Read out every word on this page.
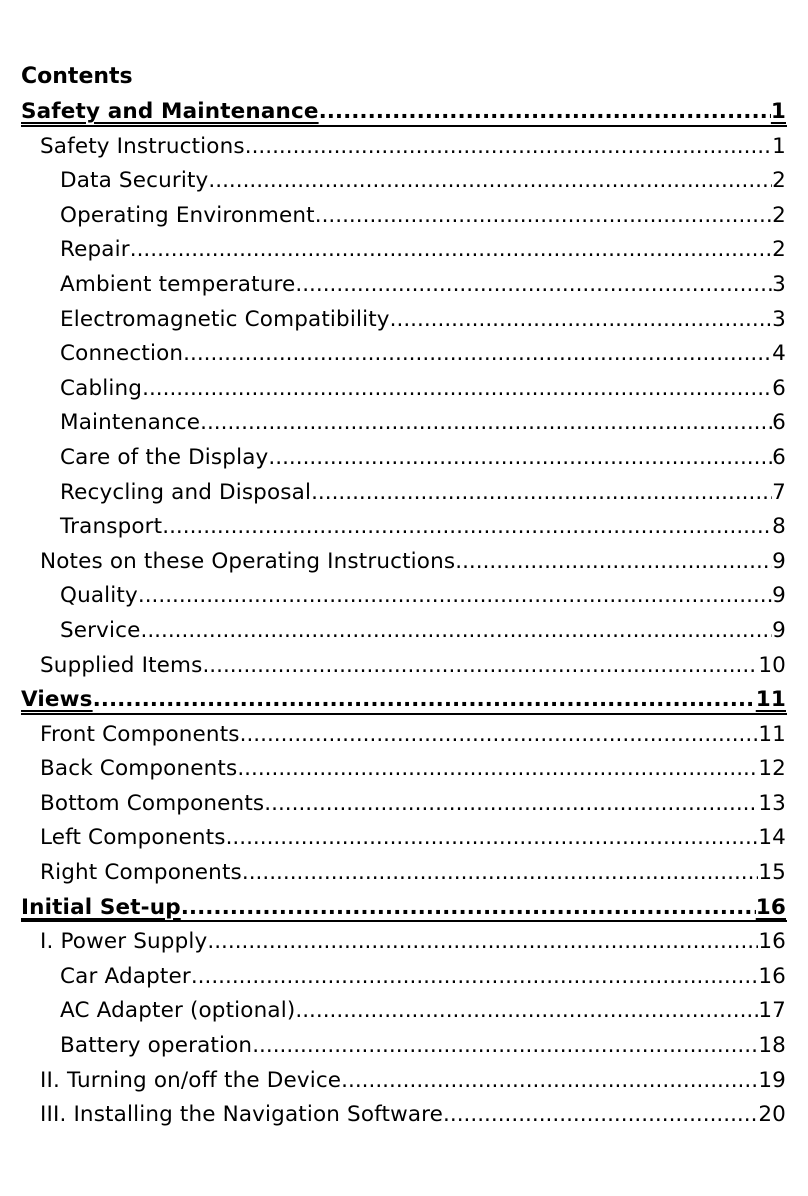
Contents
Safety and Maintenance .....	1
Safety Instructions .....	1
Data Security .....	2
Operating Environment .....	2
Repair .....	2
Ambient temperature .....	3
Electromagnetic Compatibility .....	3
Connection .....	4
Cabling .....	6
Maintenance .....	6
Care of the Display .....	6
Recycling and Disposal .....	7
Transport .....	8
Notes on these Operating Instructions .....	9
Quality .....	9
Service .....	9
Supplied Items .....	10
Views .....	11
Front Components .....	11
Back Components .....	12
Bottom Components .....	13
Left Components .....	14
Right Components .....	15
Initial Set-up .....	16
I. Power Supply .....	16
Car Adapter .....	16
AC Adapter (optional) .....	17
Battery operation .....	18
II. Turning on/off the Device .....	19
III. Installing the Navigation Software .....	20
